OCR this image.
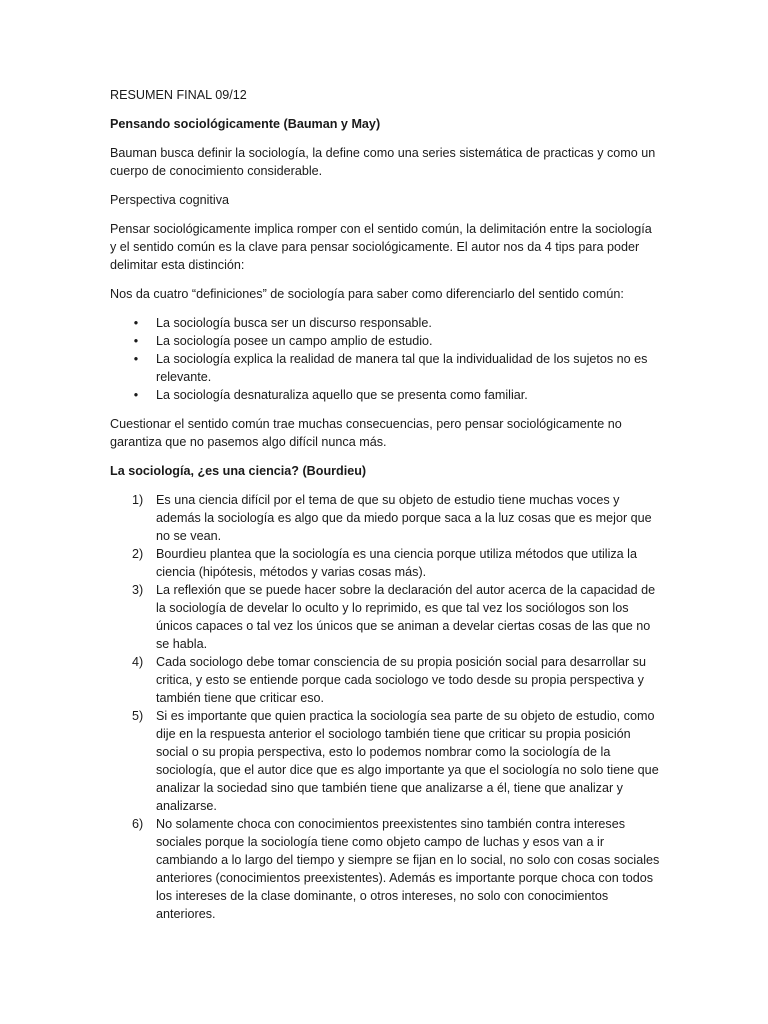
RESUMEN FINAL 09/12

Pensando sociológicamente (Bauman y May)

Bauman busca definir la sociología, la define como una series sistemática de practicas y como un cuerpo de conocimiento considerable.

Perspectiva cognitiva

Pensar sociológicamente implica romper con el sentido común, la delimitación entre la sociología y el sentido común es la clave para pensar sociológicamente. El autor nos da 4 tips para poder delimitar esta distinción:

Nos da cuatro “definiciones” de sociología para saber como diferenciarlo del sentido común:

• La sociología busca ser un discurso responsable.
• La sociología posee un campo amplio de estudio.
• La sociología explica la realidad de manera tal que la individualidad de los sujetos no es relevante.
• La sociología desnaturaliza aquello que se presenta como familiar.

Cuestionar el sentido común trae muchas consecuencias, pero pensar sociológicamente no garantiza que no pasemos algo difícil nunca más.

La sociología, ¿es una ciencia? (Bourdieu)

1) Es una ciencia difícil por el tema de que su objeto de estudio tiene muchas voces y además la sociología es algo que da miedo porque saca a la luz cosas que es mejor que no se vean.
2) Bourdieu plantea que la sociología es una ciencia porque utiliza métodos que utiliza la ciencia (hipótesis, métodos y varias cosas más).
3) La reflexión que se puede hacer sobre la declaración del autor acerca de la capacidad de la sociología de develar lo oculto y lo reprimido, es que tal vez los sociólogos son los únicos capaces o tal vez los únicos que se animan a develar ciertas cosas de las que no se habla.
4) Cada sociologo debe tomar consciencia de su propia posición social para desarrollar su critica, y esto se entiende porque cada sociologo ve todo desde su propia perspectiva y también tiene que criticar eso.
5) Si es importante que quien practica la sociología sea parte de su objeto de estudio, como dije en la respuesta anterior el sociologo también tiene que criticar su propia posición social o su propia perspectiva, esto lo podemos nombrar como la sociología de la sociología, que el autor dice que es algo importante ya que el sociología no solo tiene que analizar la sociedad sino que también tiene que analizarse a él, tiene que analizar y analizarse.
6) No solamente choca con conocimientos preexistentes sino también contra intereses sociales porque la sociología tiene como objeto campo de luchas y esos van a ir cambiando a lo largo del tiempo y siempre se fijan en lo social, no solo con cosas sociales anteriores (conocimientos preexistentes). Además es importante porque choca con todos los intereses de la clase dominante, o otros intereses, no solo con conocimientos anteriores.
